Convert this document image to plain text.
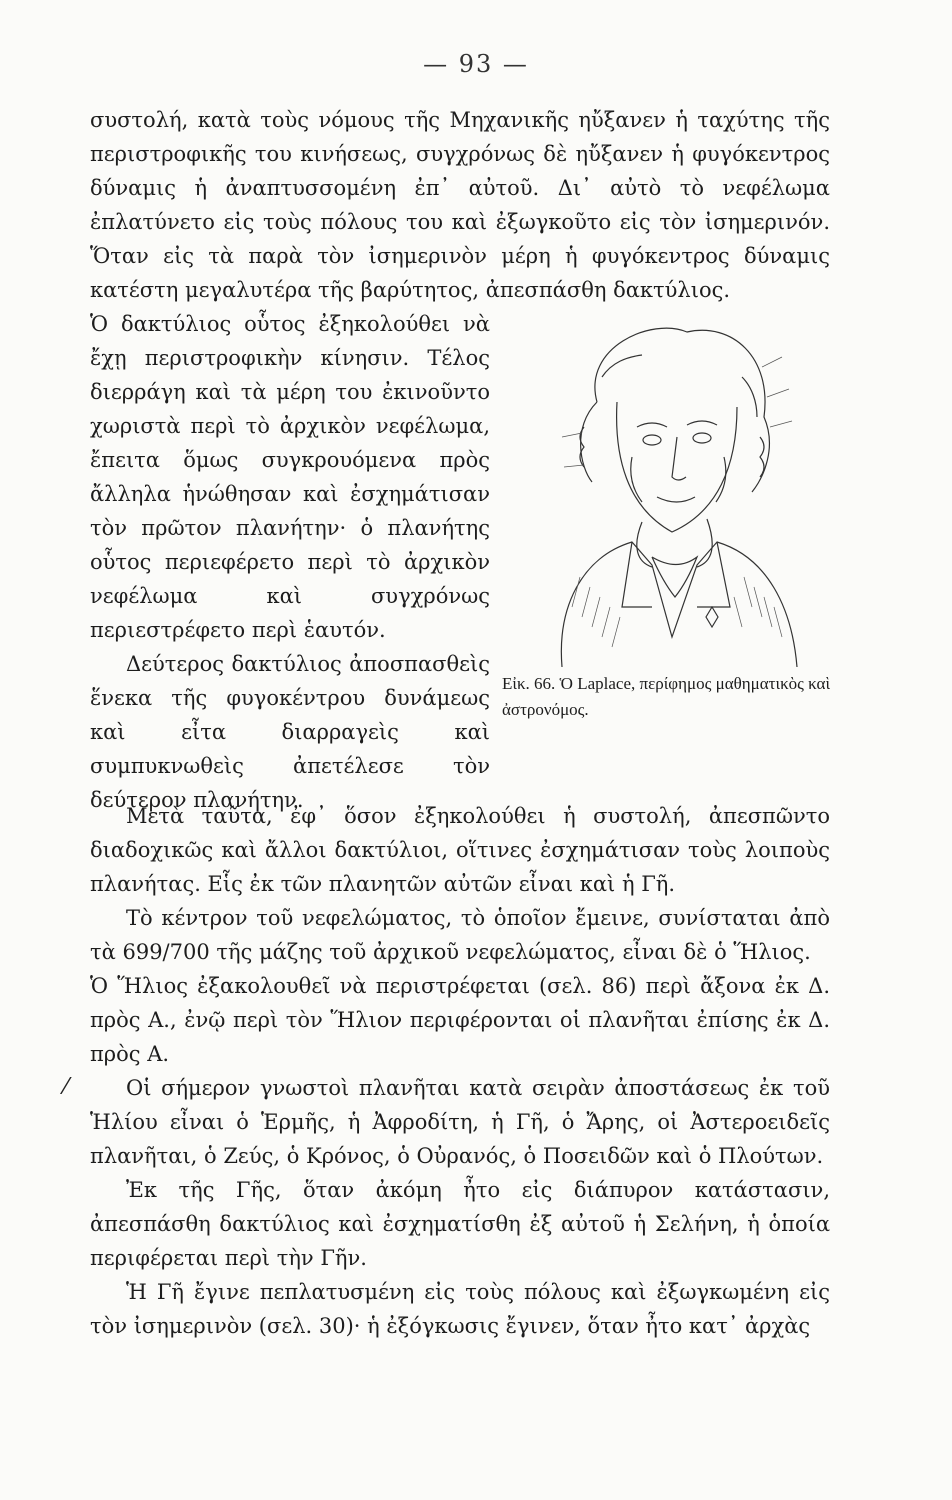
— 93 —

συστολή, κατὰ τοὺς νόμους τῆς Μηχανικῆς ηὔξανεν ἡ ταχύτης τῆς περιστροφικῆς του κινήσεως, συγχρόνως δὲ ηὔξανεν ἡ φυγόκεντρος δύναμις ἡ ἀναπτυσσομένη ἐπ᾿ αὐτοῦ. Δι᾿ αὐτὸ τὸ νεφέλωμα ἐπλατύνετο εἰς τοὺς πόλους του καὶ ἐξωγκοῦτο εἰς τὸν ἰσημερινόν. Ὅταν εἰς τὰ παρὰ τὸν ἰσημερινὸν μέρη ἡ φυγόκεντρος δύναμις κατέστη μεγαλυτέρα τῆς βαρύτητος, ἀπεσπάσθη δακτύλιος.

Ὁ δακτύλιος οὗτος ἐξηκολούθει νὰ ἔχῃ περιστροφικὴν κίνησιν. Τέλος διερράγη καὶ τὰ μέρη του ἐκινοῦντο χωριστὰ περὶ τὸ ἀρχικὸν νεφέλωμα, ἔπειτα ὅμως συγκρουόμενα πρὸς ἄλληλα ἡνώθησαν καὶ ἐσχημάτισαν τὸν πρῶτον πλανήτην· ὁ πλανήτης οὗτος περιεφέρετο περὶ τὸ ἀρχικὸν νεφέλωμα καὶ συγχρόνως περιεστρέφετο περὶ ἑαυτόν.

Δεύτερος δακτύλιος ἀποσπασθεὶς ἕνεκα τῆς φυγοκέντρου δυνάμεως καὶ εἶτα διαρραγεὶς καὶ συμπυκνωθεὶς ἀπετέλεσε τὸν δεύτερον πλανήτην.

Εἰκ. 66. Ὁ Laplace, περίφημος μαθηματικὸς καὶ ἀστρονόμος.

Μετὰ ταῦτα, ἐφ᾿ ὅσον ἐξηκολούθει ἡ συστολή, ἀπεσπῶντο διαδοχικῶς καὶ ἄλλοι δακτύλιοι, οἵτινες ἐσχημάτισαν τοὺς λοιποὺς πλανήτας. Εἷς ἐκ τῶν πλανητῶν αὐτῶν εἶναι καὶ ἡ Γῆ.

Τὸ κέντρον τοῦ νεφελώματος, τὸ ὁποῖον ἔμεινε, συνίσταται ἀπὸ τὰ 699/700 τῆς μάζης τοῦ ἀρχικοῦ νεφελώματος, εἶναι δὲ ὁ Ἥλιος.

Ὁ Ἥλιος ἐξακολουθεῖ νὰ περιστρέφεται (σελ. 86) περὶ ἄξονα ἐκ Δ. πρὸς Α., ἐνῷ περὶ τὸν Ἥλιον περιφέρονται οἱ πλανῆται ἐπίσης ἐκ Δ. πρὸς Α.

Οἱ σήμερον γνωστοὶ πλανῆται κατὰ σειρὰν ἀποστάσεως ἐκ τοῦ Ἡλίου εἶναι ὁ Ἑρμῆς, ἡ Ἀφροδίτη, ἡ Γῆ, ὁ Ἄρης, οἱ Ἀστεροειδεῖς πλανῆται, ὁ Ζεύς, ὁ Κρόνος, ὁ Οὐρανός, ὁ Ποσειδῶν καὶ ὁ Πλούτων.

Ἐκ τῆς Γῆς, ὅταν ἀκόμη ἦτο εἰς διάπυρον κατάστασιν, ἀπεσπάσθη δακτύλιος καὶ ἐσχηματίσθη ἐξ αὐτοῦ ἡ Σελήνη, ἡ ὁποία περιφέρεται περὶ τὴν Γῆν.

Ἡ Γῆ ἔγινε πεπλατυσμένη εἰς τοὺς πόλους καὶ ἐξωγκωμένη εἰς τὸν ἰσημερινὸν (σελ. 30)· ἡ ἐξόγκωσις ἔγινεν, ὅταν ἦτο κατ᾿ ἀρχὰς

⁄
